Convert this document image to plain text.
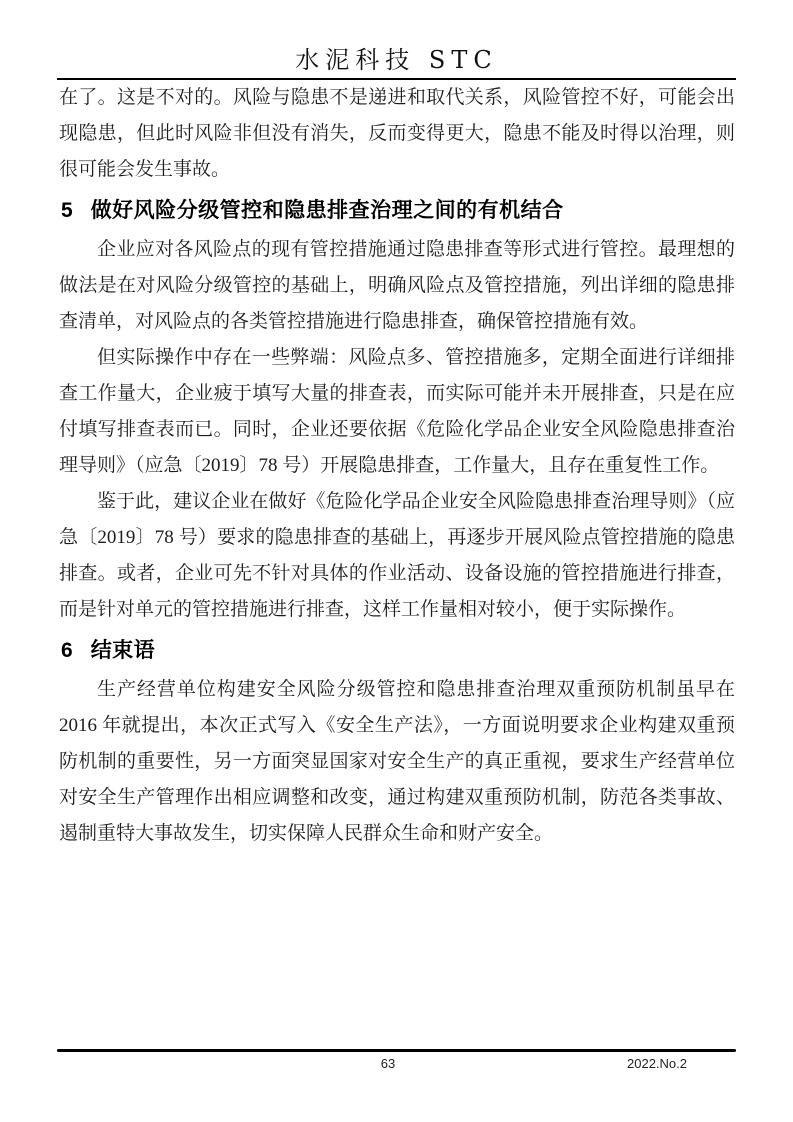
水泥科技 STC

在了。这是不对的。风险与隐患不是递进和取代关系，风险管控不好，可能会出现隐患，但此时风险非但没有消失，反而变得更大，隐患不能及时得以治理，则很可能会发生事故。

5 做好风险分级管控和隐患排查治理之间的有机结合

企业应对各风险点的现有管控措施通过隐患排查等形式进行管控。最理想的做法是在对风险分级管控的基础上，明确风险点及管控措施，列出详细的隐患排查清单，对风险点的各类管控措施进行隐患排查，确保管控措施有效。

但实际操作中存在一些弊端：风险点多、管控措施多，定期全面进行详细排查工作量大，企业疲于填写大量的排查表，而实际可能并未开展排查，只是在应付填写排查表而已。同时，企业还要依据《危险化学品企业安全风险隐患排查治理导则》（应急〔2019〕78 号）开展隐患排查，工作量大，且存在重复性工作。

鉴于此，建议企业在做好《危险化学品企业安全风险隐患排查治理导则》（应急〔2019〕78 号）要求的隐患排查的基础上，再逐步开展风险点管控措施的隐患排查。或者，企业可先不针对具体的作业活动、设备设施的管控措施进行排查，而是针对单元的管控措施进行排查，这样工作量相对较小，便于实际操作。

6 结束语

生产经营单位构建安全风险分级管控和隐患排查治理双重预防机制虽早在2016 年就提出，本次正式写入《安全生产法》，一方面说明要求企业构建双重预防机制的重要性，另一方面突显国家对安全生产的真正重视，要求生产经营单位对安全生产管理作出相应调整和改变，通过构建双重预防机制，防范各类事故、遏制重特大事故发生，切实保障人民群众生命和财产安全。

63	2022.No.2
